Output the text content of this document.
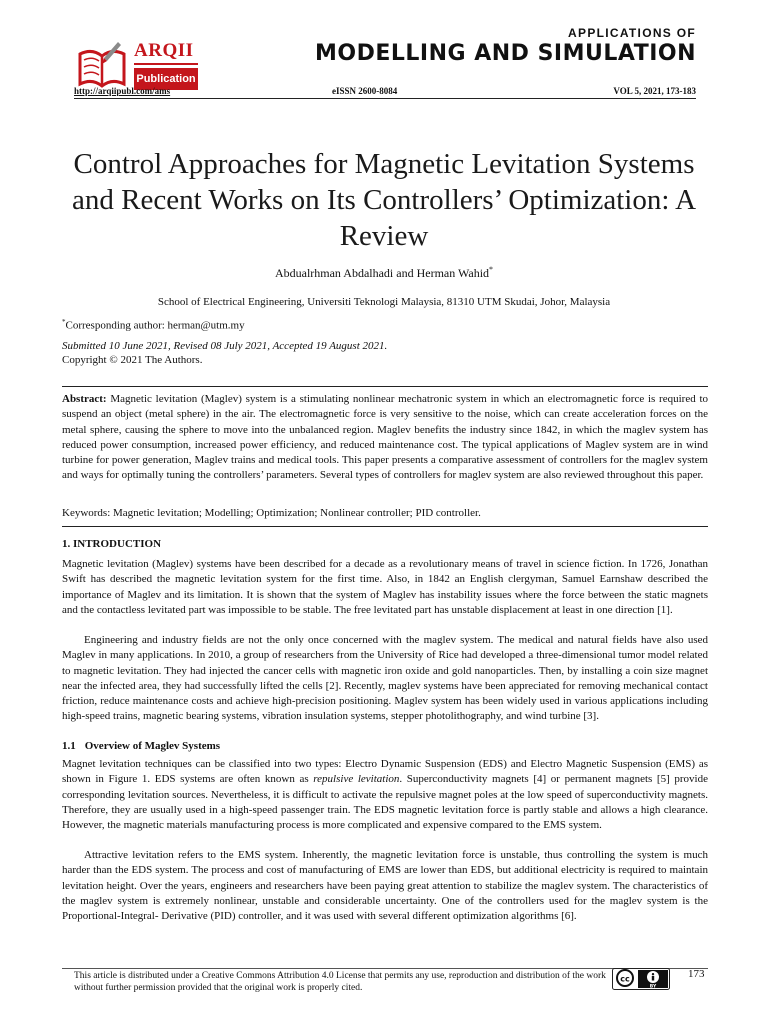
ARQII
Publication
APPLICATIONS OF
MODELLING AND SIMULATION
http://arqiipubl.com/ams	eISSN 2600-8084	VOL 5, 2021, 173-183
Control Approaches for Magnetic Levitation Systems and Recent Works on Its Controllers’ Optimization: A Review
Abdualrhman Abdalhadi and Herman Wahid*
School of Electrical Engineering, Universiti Teknologi Malaysia, 81310 UTM Skudai, Johor, Malaysia
*Corresponding author: herman@utm.my
Submitted 10 June 2021, Revised 08 July 2021, Accepted 19 August 2021.
Copyright © 2021 The Authors.
Abstract: Magnetic levitation (Maglev) system is a stimulating nonlinear mechatronic system in which an electromagnetic force is required to suspend an object (metal sphere) in the air. The electromagnetic force is very sensitive to the noise, which can create acceleration forces on the metal sphere, causing the sphere to move into the unbalanced region. Maglev benefits the industry since 1842, in which the maglev system has reduced power consumption, increased power efficiency, and reduced maintenance cost. The typical applications of Maglev system are in wind turbine for power generation, Maglev trains and medical tools. This paper presents a comparative assessment of controllers for the maglev system and ways for optimally tuning the controllers’ parameters. Several types of controllers for maglev system are also reviewed throughout this paper.
Keywords: Magnetic levitation; Modelling; Optimization; Nonlinear controller; PID controller.
1. INTRODUCTION
Magnetic levitation (Maglev) systems have been described for a decade as a revolutionary means of travel in science fiction. In 1726, Jonathan Swift has described the magnetic levitation system for the first time. Also, in 1842 an English clergyman, Samuel Earnshaw described the importance of Maglev and its limitation. It is shown that the system of Maglev has instability issues where the force between the static magnets and the contactless levitated part was impossible to be stable. The free levitated part has unstable displacement at least in one direction [1].
Engineering and industry fields are not the only once concerned with the maglev system. The medical and natural fields have also used Maglev in many applications. In 2010, a group of researchers from the University of Rice had developed a three-dimensional tumor model related to magnetic levitation. They had injected the cancer cells with magnetic iron oxide and gold nanoparticles. Then, by installing a coin size magnet near the infected area, they had successfully lifted the cells [2]. Recently, maglev systems have been appreciated for removing mechanical contact friction, reduce maintenance costs and achieve high-precision positioning. Maglev system has been widely used in various applications including high-speed trains, magnetic bearing systems, vibration insulation systems, stepper photolithography, and wind turbine [3].
1.1 Overview of Maglev Systems
Magnet levitation techniques can be classified into two types: Electro Dynamic Suspension (EDS) and Electro Magnetic Suspension (EMS) as shown in Figure 1. EDS systems are often known as repulsive levitation. Superconductivity magnets [4] or permanent magnets [5] provide corresponding levitation sources. Nevertheless, it is difficult to activate the repulsive magnet poles at the low speed of superconductivity magnets. Therefore, they are usually used in a high-speed passenger train. The EDS magnetic levitation force is partly stable and allows a high clearance. However, the magnetic materials manufacturing process is more complicated and expensive compared to the EMS system.
Attractive levitation refers to the EMS system. Inherently, the magnetic levitation force is unstable, thus controlling the system is much harder than the EDS system. The process and cost of manufacturing of EMS are lower than EDS, but additional electricity is required to maintain levitation height. Over the years, engineers and researchers have been paying great attention to stabilize the maglev system. The characteristics of the maglev system is extremely nonlinear, unstable and considerable uncertainty. One of the controllers used for the maglev system is the Proportional-Integral- Derivative (PID) controller, and it was used with several different optimization algorithms [6].
This article is distributed under a Creative Commons Attribution 4.0 License that permits any use, reproduction and distribution of the work without further permission provided that the original work is properly cited.
cc
BY
173
